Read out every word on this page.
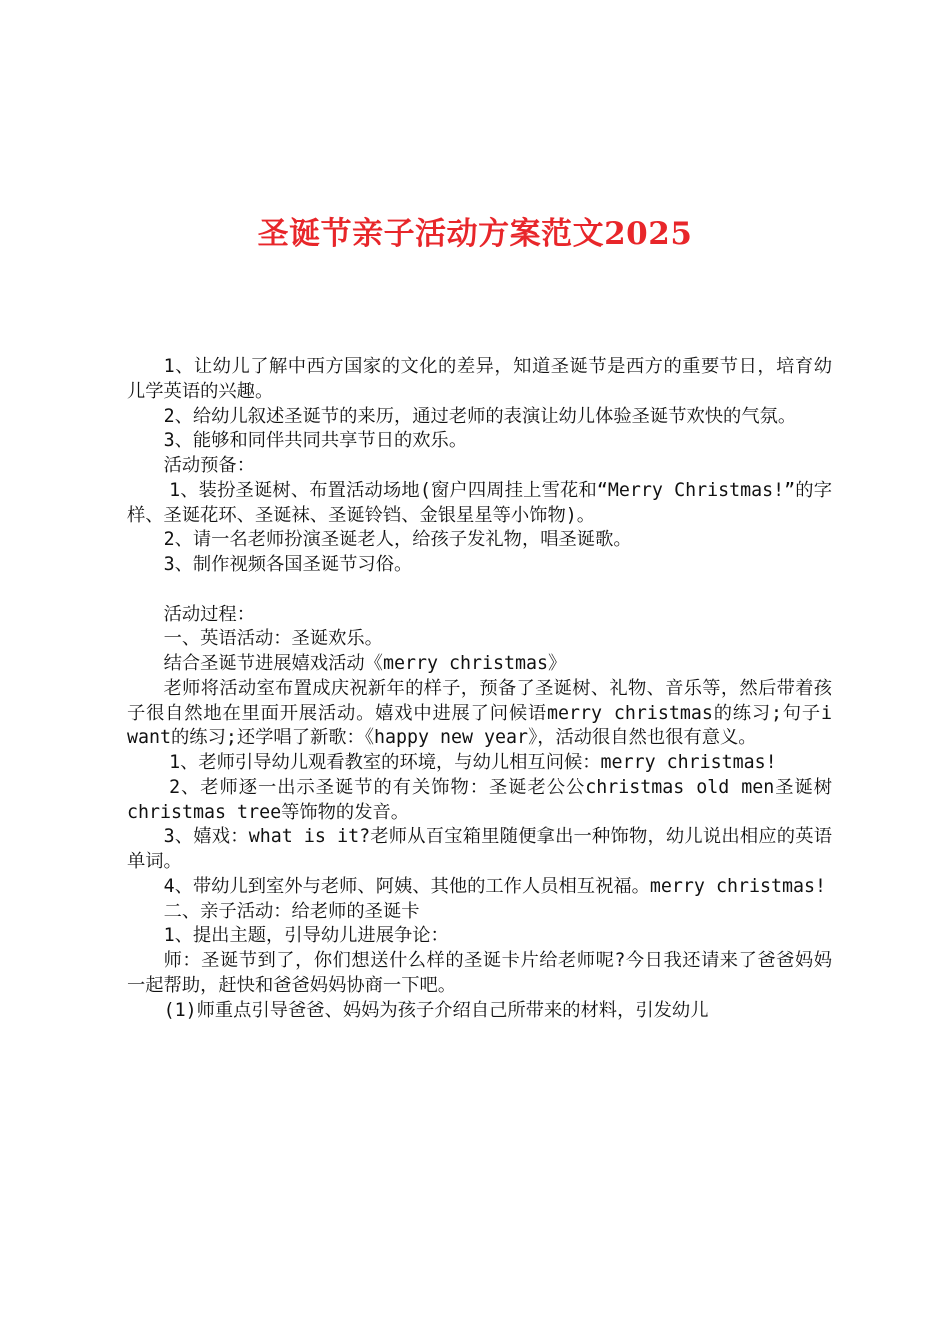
圣诞节亲子活动方案范文2025

1、让幼儿了解中西方国家的文化的差异，知道圣诞节是西方的重要节日，培育幼儿学英语的兴趣。

2、给幼儿叙述圣诞节的来历，通过老师的表演让幼儿体验圣诞节欢快的气氛。

3、能够和同伴共同共享节日的欢乐。

活动预备：

1、装扮圣诞树、布置活动场地(窗户四周挂上雪花和“Merry Christmas!”的字样、圣诞花环、圣诞袜、圣诞铃铛、金银星星等小饰物)。

2、请一名老师扮演圣诞老人，给孩子发礼物，唱圣诞歌。

3、制作视频各国圣诞节习俗。

活动过程：

一、英语活动：圣诞欢乐。

结合圣诞节进展嬉戏活动《merry christmas》

老师将活动室布置成庆祝新年的样子，预备了圣诞树、礼物、音乐等，然后带着孩子很自然地在里面开展活动。嬉戏中进展了问候语merry christmas的练习;句子i want的练习;还学唱了新歌：《happy new year》，活动很自然也很有意义。

1、老师引导幼儿观看教室的环境，与幼儿相互问候：merry christmas!

2、老师逐一出示圣诞节的有关饰物：圣诞老公公christmas old men圣诞树christmas tree等饰物的发音。

3、嬉戏：what is it?老师从百宝箱里随便拿出一种饰物，幼儿说出相应的英语单词。

4、带幼儿到室外与老师、阿姨、其他的工作人员相互祝福。merry christmas!

二、亲子活动：给老师的圣诞卡

1、提出主题，引导幼儿进展争论：

师：圣诞节到了，你们想送什么样的圣诞卡片给老师呢?今日我还请来了爸爸妈妈一起帮助，赶快和爸爸妈妈协商一下吧。

(1)师重点引导爸爸、妈妈为孩子介绍自己所带来的材料，引发幼儿
